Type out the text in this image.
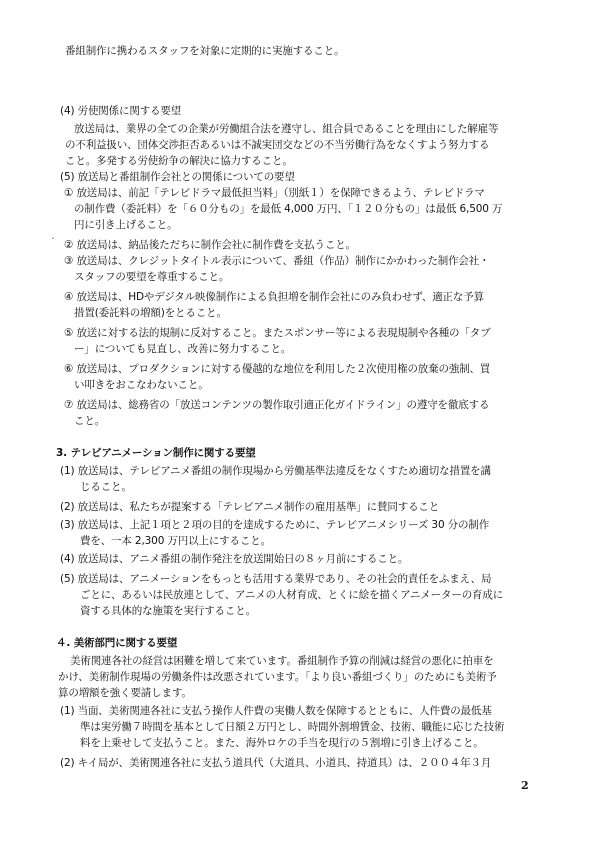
番組制作に携わるスタッフを対象に定期的に実施すること。
(4) 労使関係に関する要望
放送局は、業界の全ての企業が労働組合法を遵守し、組合員であることを理由にした解雇等
の不利益扱い、団体交渉拒否あるいは不誠実団交などの不当労働行為をなくすよう努力する
こと。多発する労使紛争の解決に協力すること。
(5) 放送局と番組制作会社との関係についての要望
① 放送局は、前記「テレビドラマ最低担当料」（別紙１）を保障できるよう、テレビドラマ
の制作費（委託料）を「６０分もの」を最低 4,000 万円、「１２０分もの」は最低 6,500 万
円に引き上げること。
② 放送局は、納品後ただちに制作会社に制作費を支払うこと。
③ 放送局は、クレジットタイトル表示について、番組（作品）制作にかかわった制作会社・
スタッフの要望を尊重すること。
④ 放送局は、HDやデジタル映像制作による負担増を制作会社にのみ負わせず、適正な予算
措置(委託料の増額)をとること。
⑤ 放送に対する法的規制に反対すること。またスポンサー等による表現規制や各種の「タブ
ー」についても見直し、改善に努力すること。
⑥ 放送局は、プロダクションに対する優越的な地位を利用した２次使用権の放棄の強制、買
い叩きをおこなわないこと。
⑦ 放送局は、総務省の「放送コンテンツの製作取引適正化ガイドライン」の遵守を徹底する
こと。
3. テレビアニメーション制作に関する要望
(1) 放送局は、テレビアニメ番組の制作現場から労働基準法違反をなくすため適切な措置を講
じること。
(2) 放送局は、私たちが提案する「テレビアニメ制作の雇用基準」に賛同すること
(3) 放送局は、上記１項と２項の目的を達成するために、テレビアニメシリーズ 30 分の制作
費を、一本 2,300 万円以上にすること。
(4) 放送局は、アニメ番組の制作発注を放送開始日の８ヶ月前にすること。
(5) 放送局は、アニメーションをもっとも活用する業界であり、その社会的責任をふまえ、局
ごとに、あるいは民放連として、アニメの人材育成、とくに絵を描くアニメーターの育成に
資する具体的な施策を実行すること。
４. 美術部門に関する要望
美術関連各社の経営は困難を増して来ています。番組制作予算の削減は経営の悪化に拍車を
かけ、美術制作現場の労働条件は改悪されています。「より良い番組づくり」のためにも美術予
算の増額を強く要請します。
(1) 当面、美術関連各社に支払う操作人件費の実働人数を保障するとともに、人件費の最低基
準は実労働７時間を基本として日額２万円とし、時間外割増賃金、技術、職能に応じた技術
料を上乗せして支払うこと。また、海外ロケの手当を現行の５割増に引き上げること。
(2) キイ局が、美術関連各社に支払う道具代（大道具、小道具、持道具）は、２００４年３月
・
2
